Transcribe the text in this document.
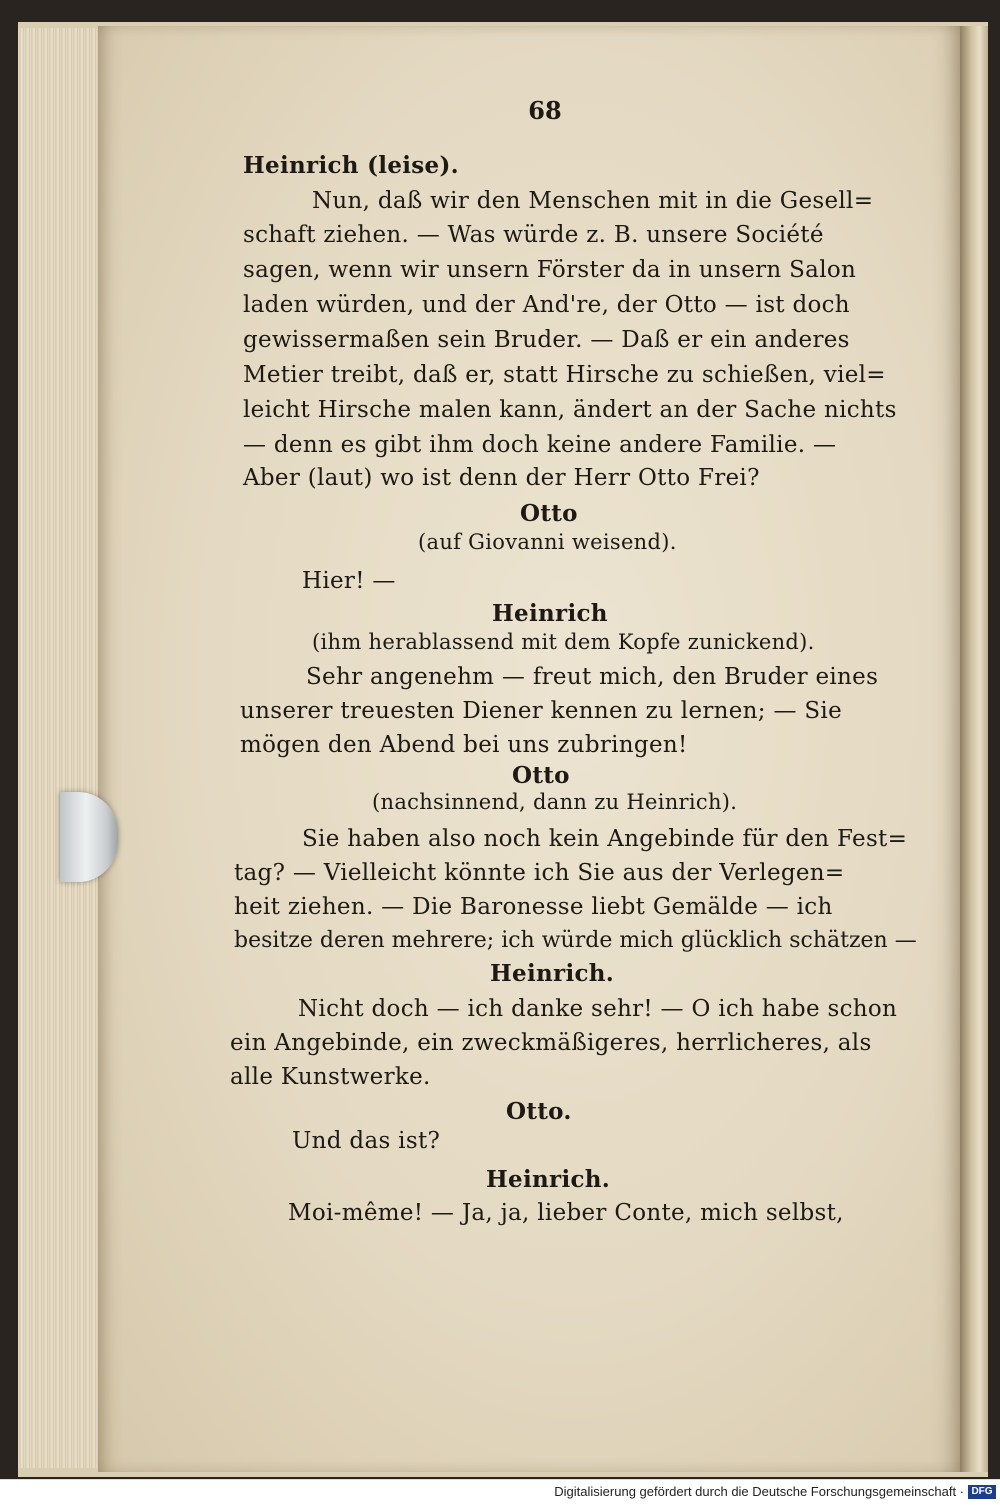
68
Heinrich (leise).
Nun, daß wir den Menschen mit in die Gesell=
schaft ziehen. — Was würde z. B. unsere Société
sagen, wenn wir unsern Förster da in unsern Salon
laden würden, und der And're, der Otto — ist doch
gewissermaßen sein Bruder. — Daß er ein anderes
Metier treibt, daß er, statt Hirsche zu schießen, viel=
leicht Hirsche malen kann, ändert an der Sache nichts
— denn es gibt ihm doch keine andere Familie. —
Aber (laut) wo ist denn der Herr Otto Frei?
Otto
(auf Giovanni weisend).
Hier! —
Heinrich
(ihm herablassend mit dem Kopfe zunickend).
Sehr angenehm — freut mich, den Bruder eines
unserer treuesten Diener kennen zu lernen; — Sie
mögen den Abend bei uns zubringen!
Otto
(nachsinnend, dann zu Heinrich).
Sie haben also noch kein Angebinde für den Fest=
tag? — Vielleicht könnte ich Sie aus der Verlegen=
heit ziehen. — Die Baronesse liebt Gemälde — ich
besitze deren mehrere; ich würde mich glücklich schätzen —
Heinrich.
Nicht doch — ich danke sehr! — O ich habe schon
ein Angebinde, ein zweckmäßigeres, herrlicheres, als
alle Kunstwerke.
Otto.
Und das ist?
Heinrich.
Moi-même! — Ja, ja, lieber Conte, mich selbst,
Digitalisierung gefördert durch die Deutsche Forschungsgemeinschaft · DFG
